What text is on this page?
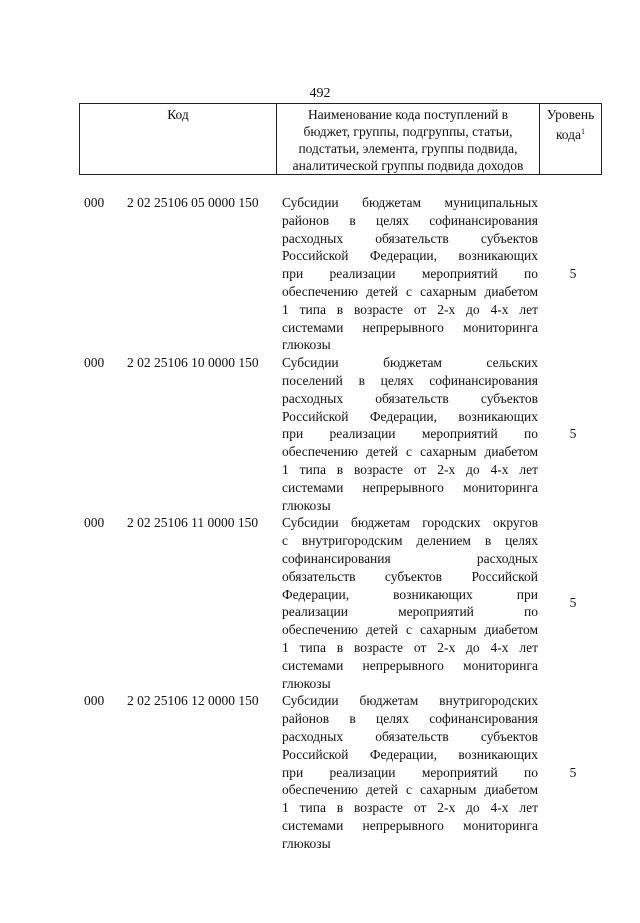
492
Код	Наименование кода поступлений в
бюджет, группы, подгруппы, статьи,
подстатьи, элемента, группы подвида,
аналитической группы подвида доходов	Уровень
кода$^1$
000	2 02 25106 05 0000 150	Субсидии бюджетам муниципальных
районов в целях софинансирования
расходных обязательств субъектов
Российской Федерации, возникающих
при реализации мероприятий по
обеспечению детей с сахарным диабетом
1 типа в возрасте от 2-х до 4-х лет
системами непрерывного мониторинга
глюкозы
5
000	2 02 25106 10 0000 150	Субсидии бюджетам сельских
поселений в целях софинансирования
расходных обязательств субъектов
Российской Федерации, возникающих
при реализации мероприятий по
обеспечению детей с сахарным диабетом
1 типа в возрасте от 2-х до 4-х лет
системами непрерывного мониторинга
глюкозы
5
000	2 02 25106 11 0000 150	Субсидии бюджетам городских округов
с внутригородским делением в целях
софинансирования расходных
обязательств субъектов Российской
Федерации, возникающих при
реализации мероприятий по
обеспечению детей с сахарным диабетом
1 типа в возрасте от 2-х до 4-х лет
системами непрерывного мониторинга
глюкозы
5
000	2 02 25106 12 0000 150	Субсидии бюджетам внутригородских
районов в целях софинансирования
расходных обязательств субъектов
Российской Федерации, возникающих
при реализации мероприятий по
обеспечению детей с сахарным диабетом
1 типа в возрасте от 2-х до 4-х лет
системами непрерывного мониторинга
глюкозы
5
